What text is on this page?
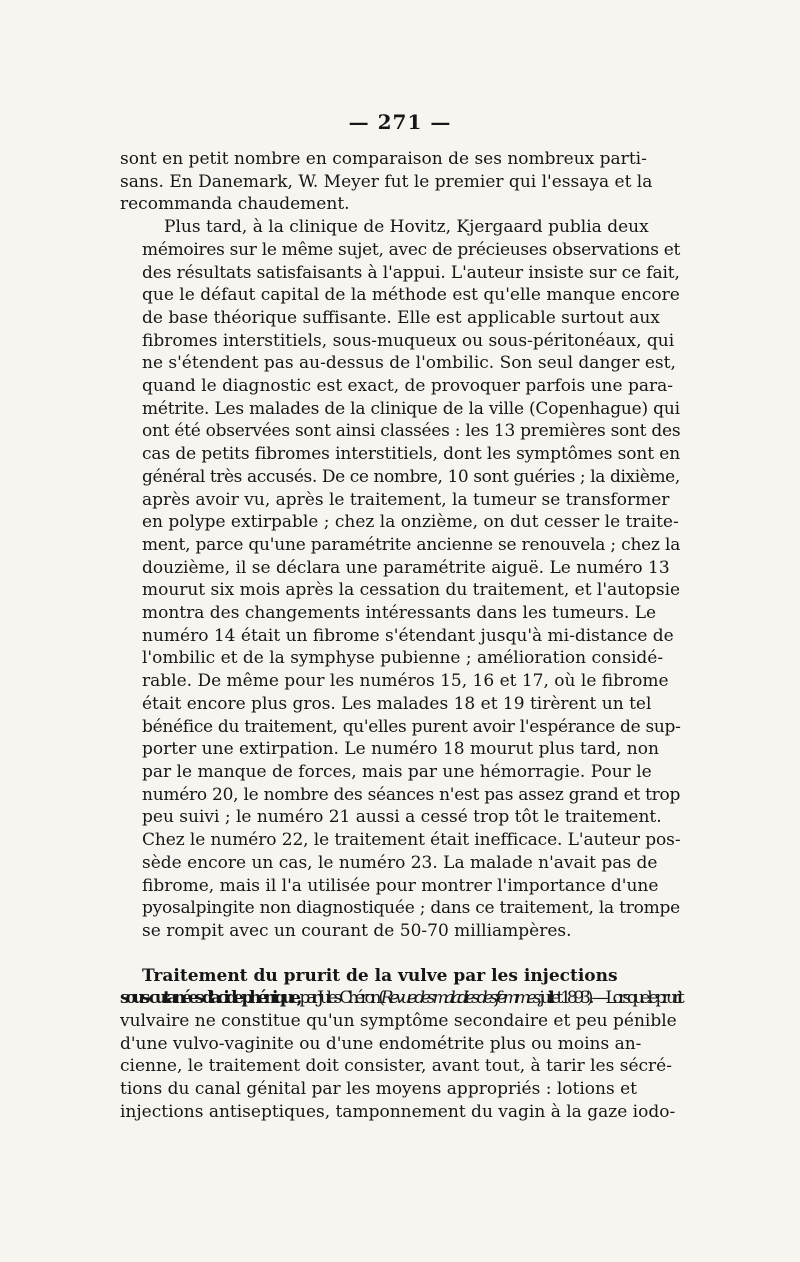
— 271 —

sont en petit nombre en comparaison de ses nombreux parti-
sans. En Danemark, W. Meyer fut le premier qui l'essaya et la
recommanda chaudement.

Plus tard, à la clinique de Hovitz, Kjergaard publia deux
mémoires sur le même sujet, avec de précieuses observations et
des résultats satisfaisants à l'appui. L'auteur insiste sur ce fait,
que le défaut capital de la méthode est qu'elle manque encore
de base théorique suffisante. Elle est applicable surtout aux
fibromes interstitiels, sous-muqueux ou sous-péritonéaux, qui
ne s'étendent pas au-dessus de l'ombilic. Son seul danger est,
quand le diagnostic est exact, de provoquer parfois une para-
métrite. Les malades de la clinique de la ville (Copenhague) qui
ont été observées sont ainsi classées : les 13 premières sont des
cas de petits fibromes interstitiels, dont les symptômes sont en
général très accusés. De ce nombre, 10 sont guéries ; la dixième,
après avoir vu, après le traitement, la tumeur se transformer
en polype extirpable ; chez la onzième, on dut cesser le traite-
ment, parce qu'une paramétrite ancienne se renouvela ; chez la
douzième, il se déclara une paramétrite aiguë. Le numéro 13
mourut six mois après la cessation du traitement, et l'autopsie
montra des changements intéressants dans les tumeurs. Le
numéro 14 était un fibrome s'étendant jusqu'à mi-distance de
l'ombilic et de la symphyse pubienne ; amélioration considé-
rable. De même pour les numéros 15, 16 et 17, où le fibrome
était encore plus gros. Les malades 18 et 19 tirèrent un tel
bénéfice du traitement, qu'elles purent avoir l'espérance de sup-
porter une extirpation. Le numéro 18 mourut plus tard, non
par le manque de forces, mais par une hémorragie. Pour le
numéro 20, le nombre des séances n'est pas assez grand et trop
peu suivi ; le numéro 21 aussi a cessé trop tôt le traitement.
Chez le numéro 22, le traitement était inefficace. L'auteur pos-
sède encore un cas, le numéro 23. La malade n'avait pas de
fibrome, mais il l'a utilisée pour montrer l'importance d'une
pyosalpingite non diagnostiquée ; dans ce traitement, la trompe
se rompit avec un courant de 50-70 milliampères.

Traitement du prurit de la vulve par les injections
sous-cutanées d'acide phénique, par Jules Chéron (Revue des maladies des femmes, juillet 1893). — Lorsque le prurit
vulvaire ne constitue qu'un symptôme secondaire et peu pénible
d'une vulvo-vaginite ou d'une endométrite plus ou moins an-
cienne, le traitement doit consister, avant tout, à tarir les sécré-
tions du canal génital par les moyens appropriés : lotions et
injections antiseptiques, tamponnement du vagin à la gaze iodo-
